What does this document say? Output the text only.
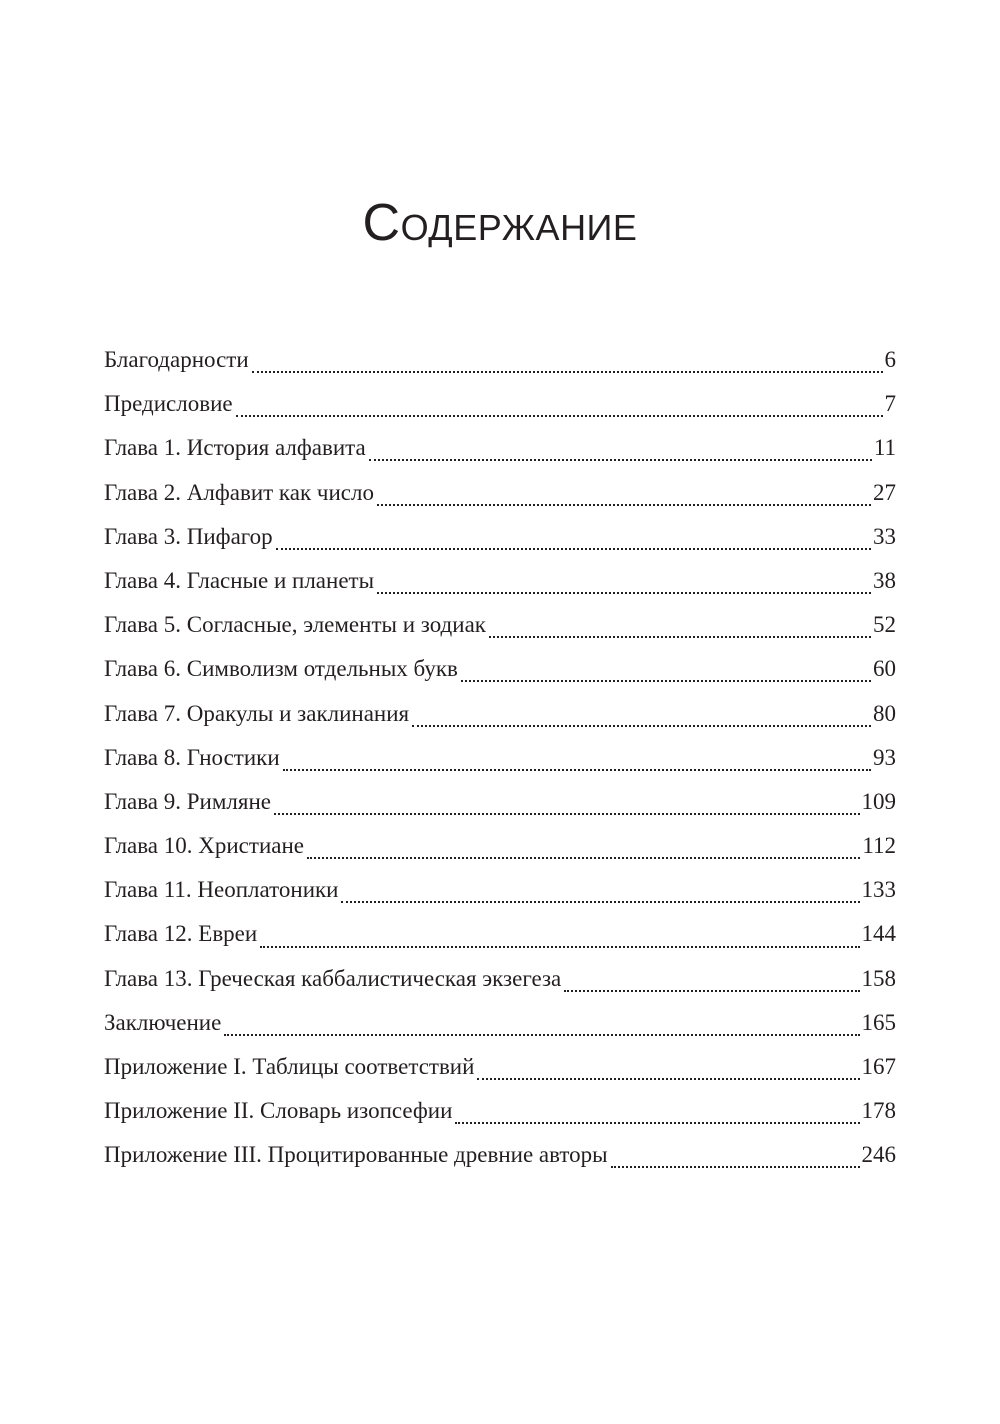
Содержание
Благодарности	6
Предисловие	7
Глава 1. История алфавита	11
Глава 2. Алфавит как число	27
Глава 3. Пифагор	33
Глава 4. Гласные и планеты	38
Глава 5. Согласные, элементы и зодиак	52
Глава 6. Символизм отдельных букв	60
Глава 7. Оракулы и заклинания	80
Глава 8. Гностики	93
Глава 9. Римляне	109
Глава 10. Христиане	112
Глава 11. Неоплатоники	133
Глава 12. Евреи	144
Глава 13. Греческая каббалистическая экзегеза	158
Заключение	165
Приложение I. Таблицы соответствий	167
Приложение II. Словарь изопсефии	178
Приложение III. Процитированные древние авторы	246
